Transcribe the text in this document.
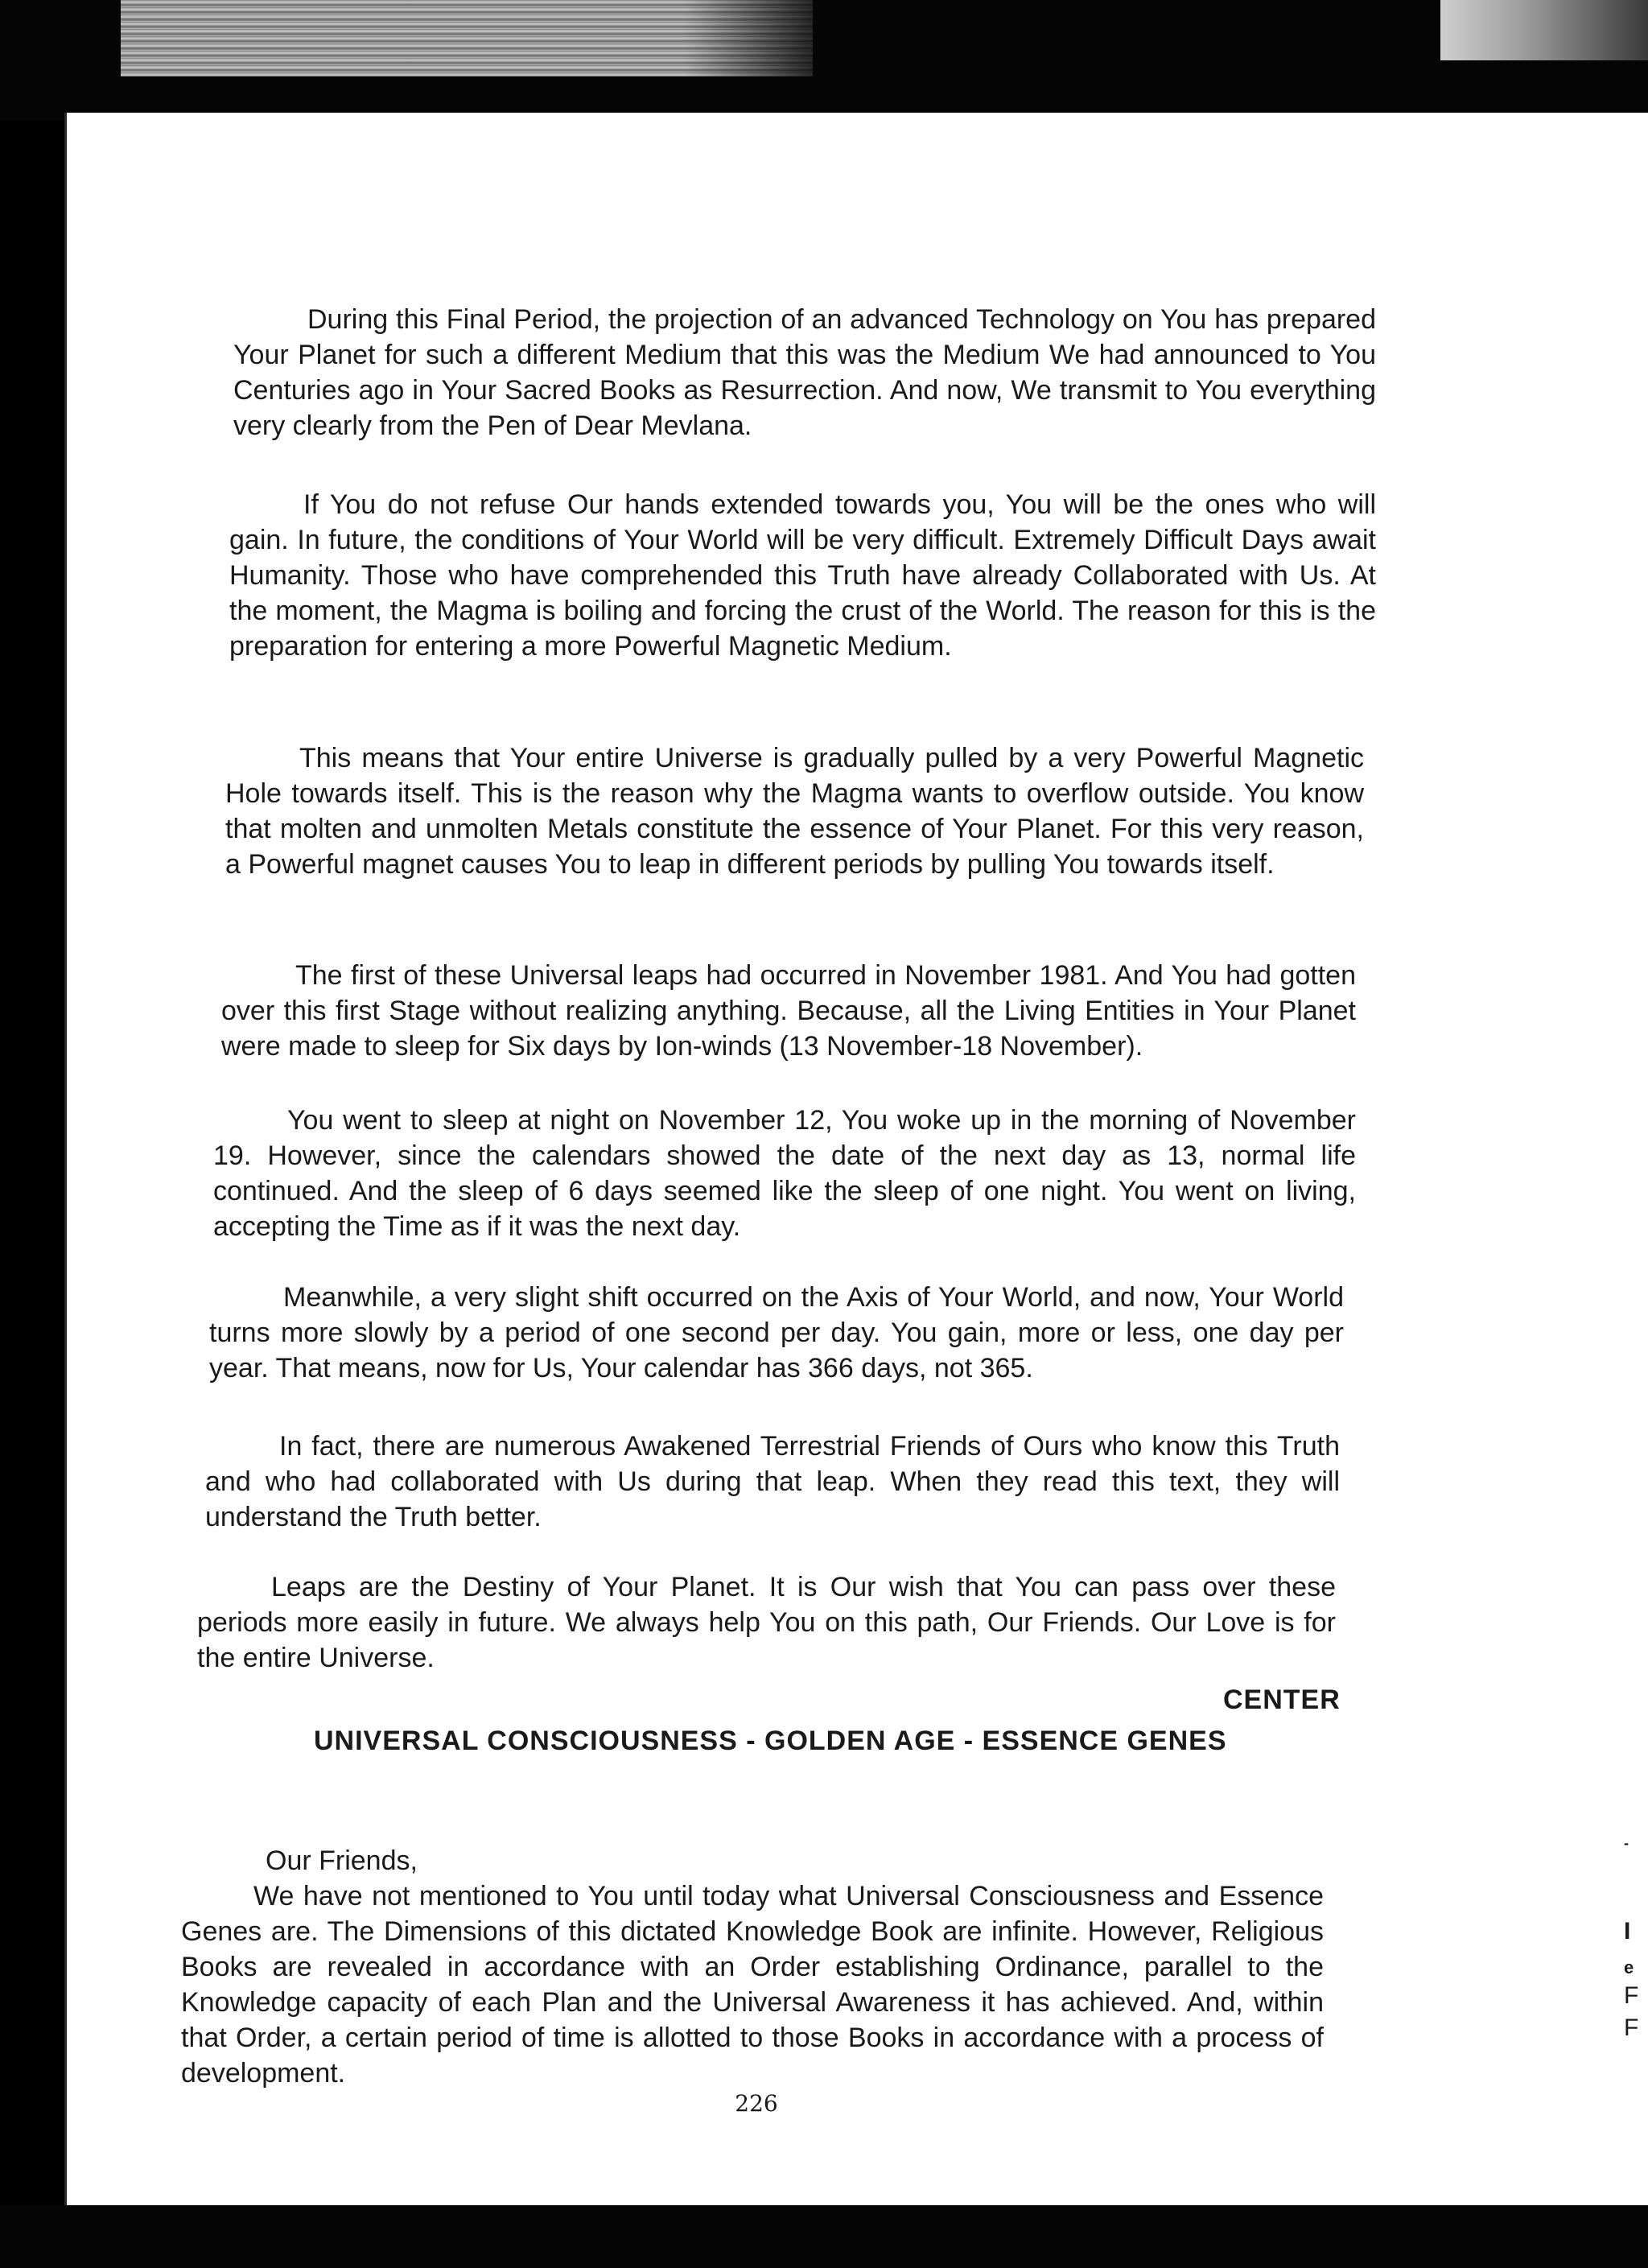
During this Final Period, the projection of an advanced Technology on You has prepared Your Planet for such a different Medium that this was the Medium We had announced to You Centuries ago in Your Sacred Books as Resurrection. And now, We transmit to You everything very clearly from the Pen of Dear Mevlana.

If You do not refuse Our hands extended towards you, You will be the ones who will gain. In future, the conditions of Your World will be very difficult. Extremely Difficult Days await Humanity. Those who have comprehended this Truth have already Collaborated with Us. At the moment, the Magma is boiling and forcing the crust of the World. The reason for this is the preparation for entering a more Powerful Magnetic Medium.

This means that Your entire Universe is gradually pulled by a very Powerful Magnetic Hole towards itself. This is the reason why the Magma wants to overflow outside. You know that molten and unmolten Metals constitute the essence of Your Planet. For this very reason, a Powerful magnet causes You to leap in different periods by pulling You towards itself.

The first of these Universal leaps had occurred in November 1981. And You had gotten over this first Stage without realizing anything. Because, all the Living Entities in Your Planet were made to sleep for Six days by Ion-winds (13 November-18 November).

You went to sleep at night on November 12, You woke up in the morning of November 19. However, since the calendars showed the date of the next day as 13, normal life continued. And the sleep of 6 days seemed like the sleep of one night. You went on living, accepting the Time as if it was the next day.

Meanwhile, a very slight shift occurred on the Axis of Your World, and now, Your World turns more slowly by a period of one second per day. You gain, more or less, one day per year. That means, now for Us, Your calendar has 366 days, not 365.

In fact, there are numerous Awakened Terrestrial Friends of Ours who know this Truth and who had collaborated with Us during that leap. When they read this text, they will understand the Truth better.

Leaps are the Destiny of Your Planet. It is Our wish that You can pass over these periods more easily in future. We always help You on this path, Our Friends. Our Love is for the entire Universe.

CENTER
UNIVERSAL CONSCIOUSNESS - GOLDEN AGE - ESSENCE GENES

Our Friends,

We have not mentioned to You until today what Universal Consciousness and Essence Genes are. The Dimensions of this dictated Knowledge Book are infinite. However, Religious Books are revealed in accordance with an Order establishing Ordinance, parallel to the Knowledge capacity of each Plan and the Universal Awareness it has achieved. And, within that Order, a certain period of time is allotted to those Books in accordance with a process of development.

226
-
I
e
F
F
